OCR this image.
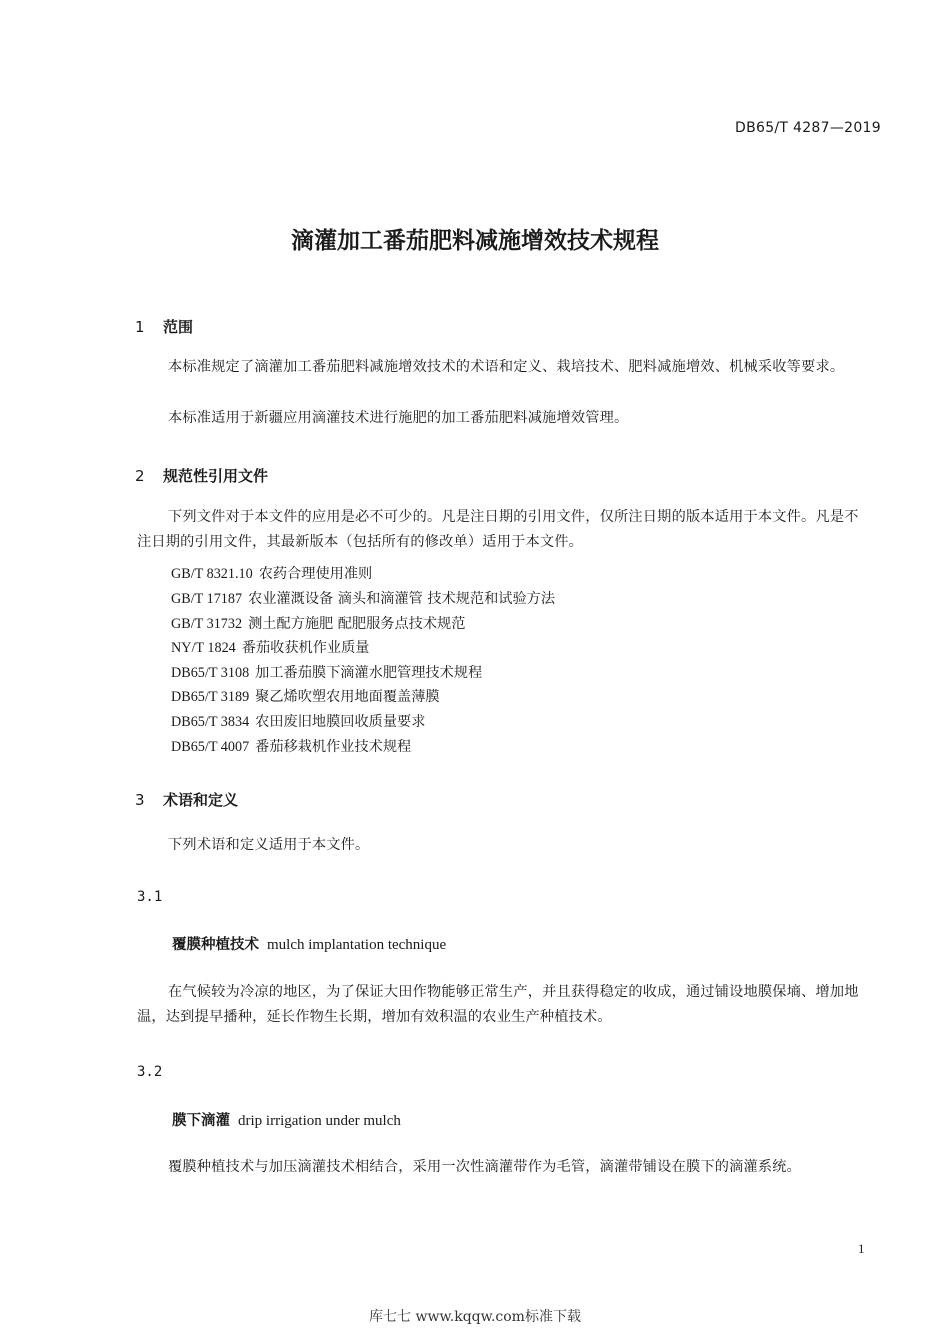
DB65/T 4287—2019
滴灌加工番茄肥料减施增效技术规程
1 范围
本标准规定了滴灌加工番茄肥料减施增效技术的术语和定义、栽培技术、肥料减施增效、机械采收等要求。
本标准适用于新疆应用滴灌技术进行施肥的加工番茄肥料减施增效管理。
2 规范性引用文件
下列文件对于本文件的应用是必不可少的。凡是注日期的引用文件，仅所注日期的版本适用于本文件。凡是不注日期的引用文件，其最新版本（包括所有的修改单）适用于本文件。
GB/T 8321.10 农药合理使用准则
GB/T 17187 农业灌溉设备 滴头和滴灌管 技术规范和试验方法
GB/T 31732 测土配方施肥 配肥服务点技术规范
NY/T 1824 番茄收获机作业质量
DB65/T 3108 加工番茄膜下滴灌水肥管理技术规程
DB65/T 3189 聚乙烯吹塑农用地面覆盖薄膜
DB65/T 3834 农田废旧地膜回收质量要求
DB65/T 4007 番茄移栽机作业技术规程
3 术语和定义
下列术语和定义适用于本文件。
3.1
覆膜种植技术 mulch implantation technique
在气候较为冷凉的地区，为了保证大田作物能够正常生产，并且获得稳定的收成，通过铺设地膜保墒、增加地温，达到提早播种，延长作物生长期，增加有效积温的农业生产种植技术。
3.2
膜下滴灌 drip irrigation under mulch
覆膜种植技术与加压滴灌技术相结合，采用一次性滴灌带作为毛管，滴灌带铺设在膜下的滴灌系统。
1
库七七 www.kqqw.com标准下载
